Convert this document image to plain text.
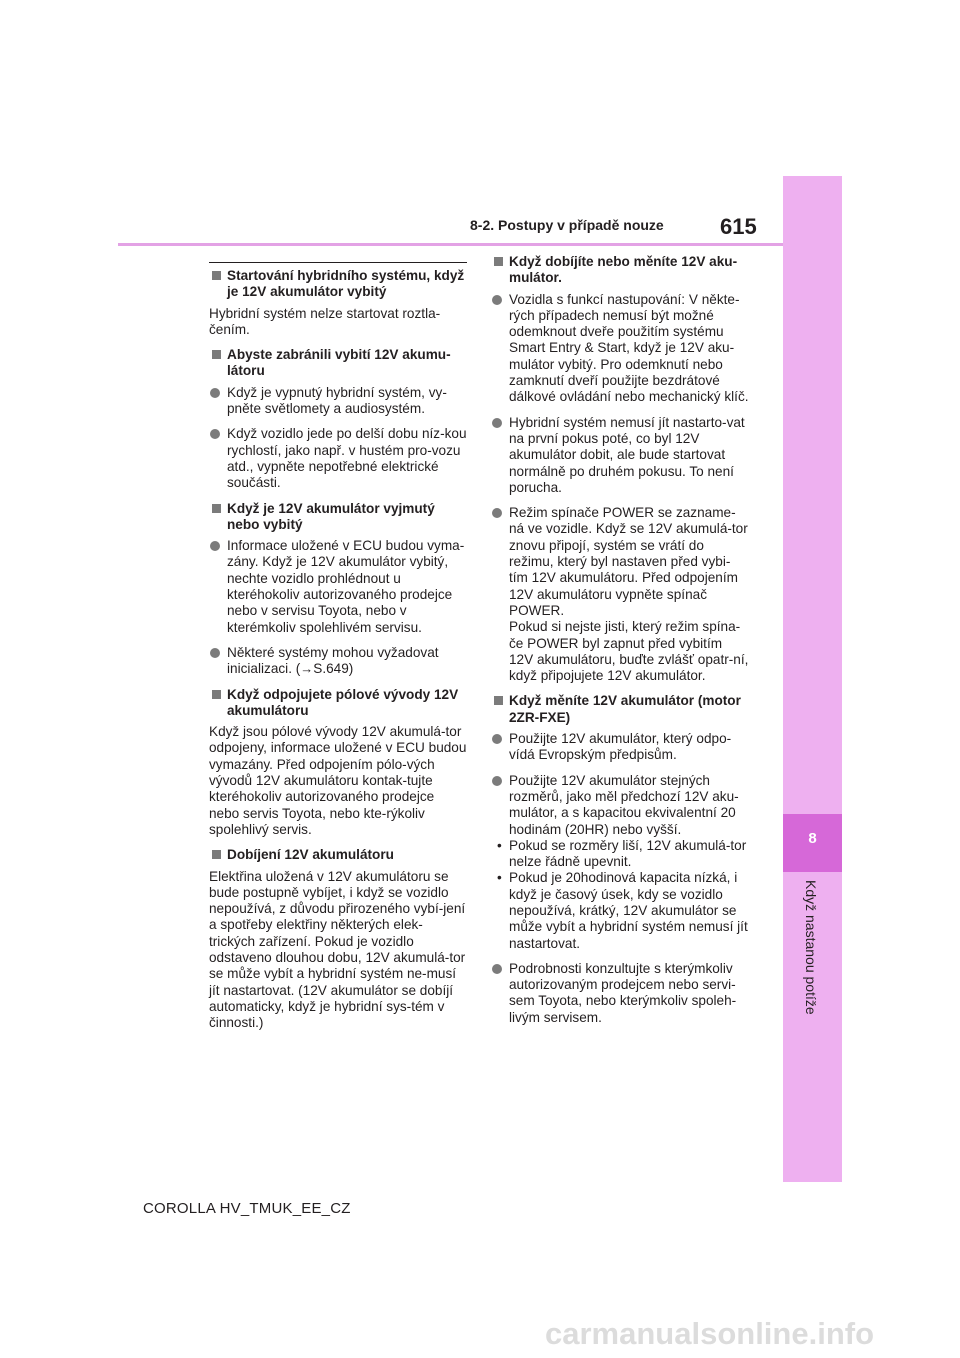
8
Když nastanou potíže
8-2. Postupy v případě nouze	615
Startování hybridního systému, když je 12V akumulátor vybitý
Hybridní systém nelze startovat roztla-čením.
Abyste zabránili vybití 12V akumu-látoru
Když je vypnutý hybridní systém, vy-pněte světlomety a audiosystém.
Když vozidlo jede po delší dobu níz-kou rychlostí, jako např. v hustém pro-vozu atd., vypněte nepotřebné elektrické součásti.
Když je 12V akumulátor vyjmutý nebo vybitý
Informace uložené v ECU budou vyma-zány. Když je 12V akumulátor vybitý, nechte vozidlo prohlédnout u kteréhokoliv autorizovaného prodejce nebo v servisu Toyota, nebo v kterémkoliv spolehlivém servisu.
Některé systémy mohou vyžadovat inicializaci. (→S.649)
Když odpojujete pólové vývody 12V akumulátoru
Když jsou pólové vývody 12V akumulá-tor odpojeny, informace uložené v ECU budou vymazány. Před odpojením pólo-vých vývodů 12V akumulátoru kontak-tujte kteréhokoliv autorizovaného prodejce nebo servis Toyota, nebo kte-rýkoliv spolehlivý servis.
Dobíjení 12V akumulátoru
Elektřina uložená v 12V akumulátoru se bude postupně vybíjet, i když se vozidlo nepoužívá, z důvodu přirozeného vybí-jení a spotřeby elektřiny některých elek-trických zařízení. Pokud je vozidlo odstaveno dlouhou dobu, 12V akumulá-tor se může vybít a hybridní systém ne-musí jít nastartovat. (12V akumulátor se dobíjí automaticky, když je hybridní sys-tém v činnosti.)
Když dobíjíte nebo měníte 12V aku-mulátor.
Vozidla s funkcí nastupování: V někte-rých případech nemusí být možné odemknout dveře použitím systému Smart Entry & Start, když je 12V aku-mulátor vybitý. Pro odemknutí nebo zamknutí dveří použijte bezdrátové dálkové ovládání nebo mechanický klíč.
Hybridní systém nemusí jít nastarto-vat na první pokus poté, co byl 12V akumulátor dobit, ale bude startovat normálně po druhém pokusu. To není porucha.
Režim spínače POWER se zazname-ná ve vozidle. Když se 12V akumulá-tor znovu připojí, systém se vrátí do režimu, který byl nastaven před vybi-tím 12V akumulátoru. Před odpojením 12V akumulátoru vypněte spínač POWER.
Pokud si nejste jisti, který režim spína-če POWER byl zapnut před vybitím 12V akumulátoru, buďte zvlášť opatr-ní, když připojujete 12V akumulátor.
Když měníte 12V akumulátor (motor 2ZR-FXE)
Použijte 12V akumulátor, který odpo-vídá Evropským předpisům.
Použijte 12V akumulátor stejných rozměrů, jako měl předchozí 12V aku-mulátor, a s kapacitou ekvivalentní 20 hodinám (20HR) nebo vyšší.
• Pokud se rozměry liší, 12V akumulá-tor nelze řádně upevnit.
• Pokud je 20hodinová kapacita nízká, i když je časový úsek, kdy se vozidlo nepoužívá, krátký, 12V akumulátor se může vybít a hybridní systém nemusí jít nastartovat.
Podrobnosti konzultujte s kterýmkoliv autorizovaným prodejcem nebo servi-sem Toyota, nebo kterýmkoliv spoleh-livým servisem.
COROLLA HV_TMUK_EE_CZ
carmanualsonline.info
